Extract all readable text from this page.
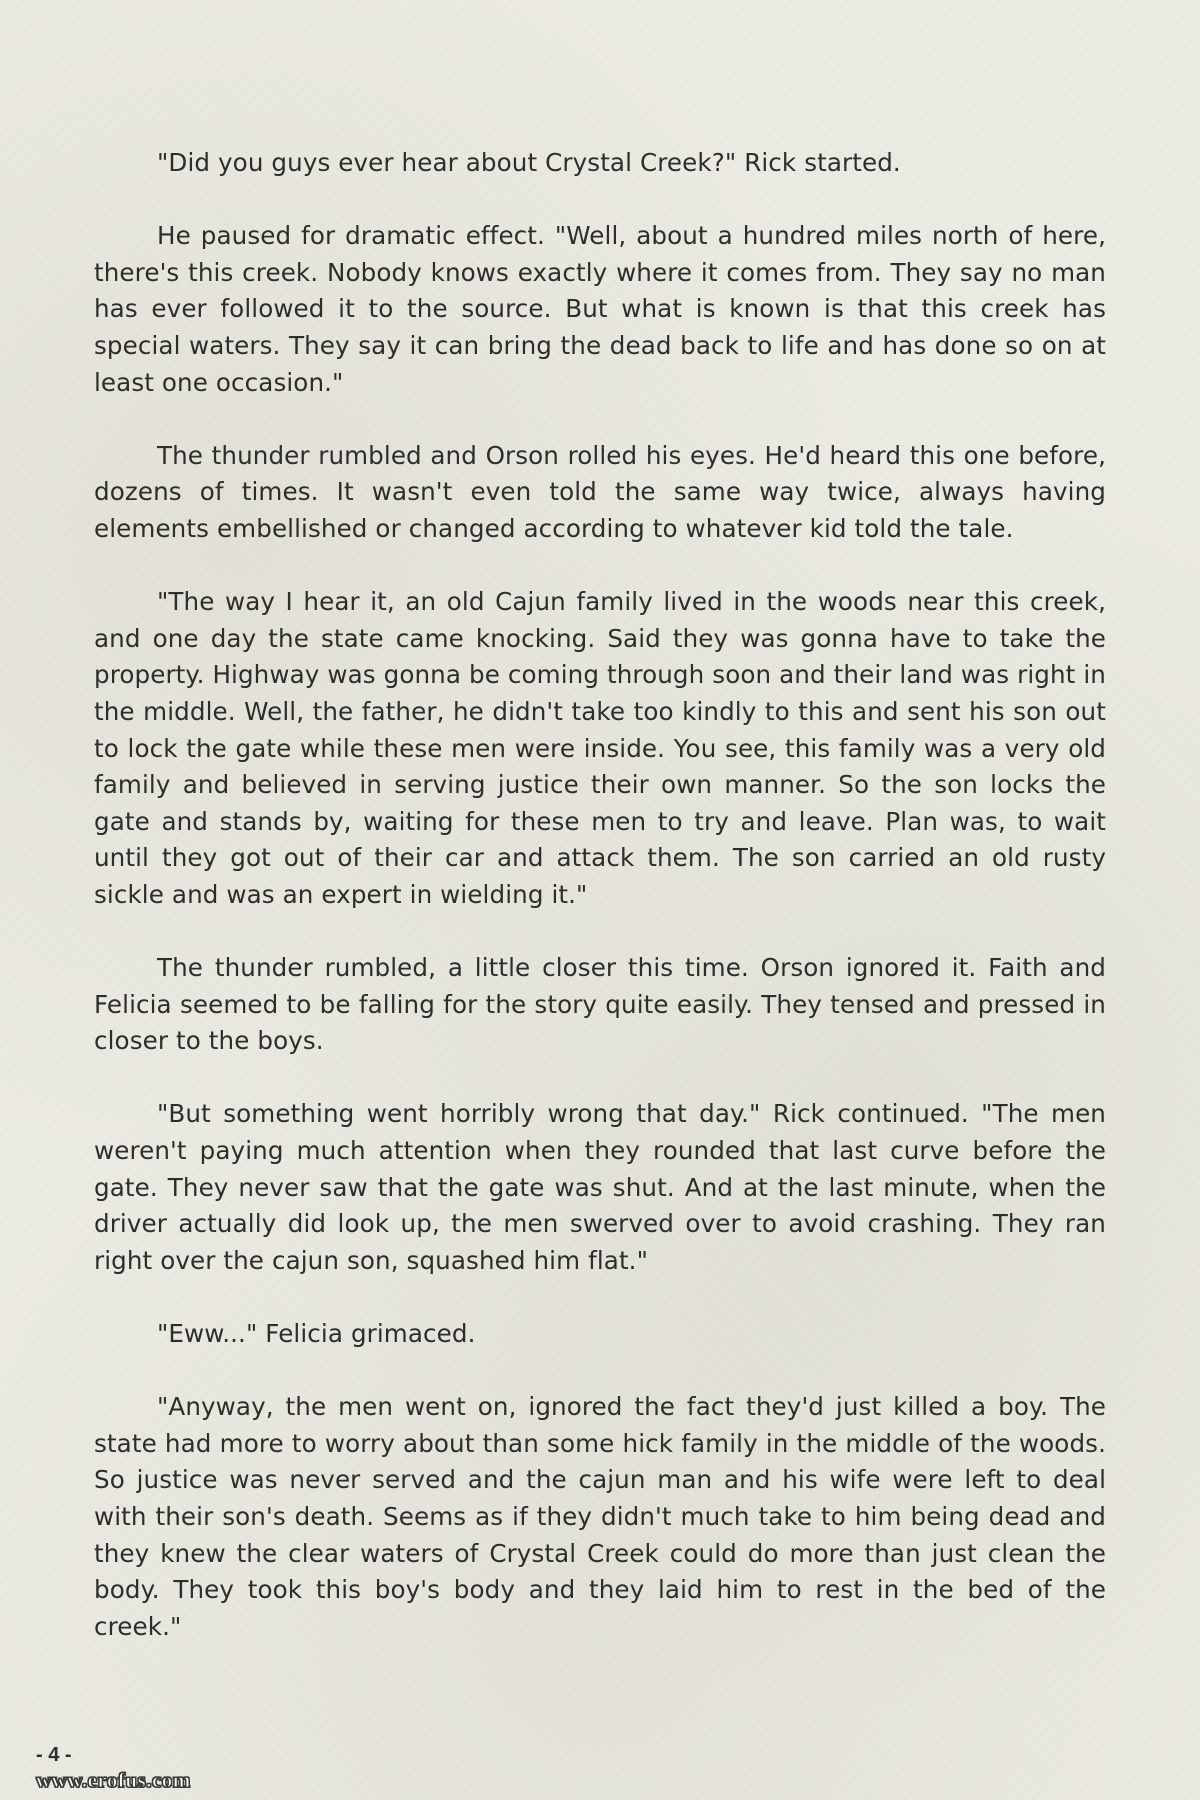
"Did you guys ever hear about Crystal Creek?" Rick started.

He paused for dramatic effect. "Well, about a hundred miles north of here, there's this creek. Nobody knows exactly where it comes from. They say no man has ever followed it to the source. But what is known is that this creek has special waters. They say it can bring the dead back to life and has done so on at least one occasion."

The thunder rumbled and Orson rolled his eyes. He'd heard this one before, dozens of times. It wasn't even told the same way twice, always having elements embellished or changed according to whatever kid told the tale.

"The way I hear it, an old Cajun family lived in the woods near this creek, and one day the state came knocking. Said they was gonna have to take the property. Highway was gonna be coming through soon and their land was right in the middle. Well, the father, he didn't take too kindly to this and sent his son out to lock the gate while these men were inside. You see, this family was a very old family and believed in serving justice their own manner. So the son locks the gate and stands by, waiting for these men to try and leave. Plan was, to wait until they got out of their car and attack them. The son carried an old rusty sickle and was an expert in wielding it."

The thunder rumbled, a little closer this time. Orson ignored it. Faith and Felicia seemed to be falling for the story quite easily. They tensed and pressed in closer to the boys.

"But something went horribly wrong that day." Rick continued. "The men weren't paying much attention when they rounded that last curve before the gate. They never saw that the gate was shut. And at the last minute, when the driver actually did look up, the men swerved over to avoid crashing. They ran right over the cajun son, squashed him flat."

"Eww..." Felicia grimaced.

"Anyway, the men went on, ignored the fact they'd just killed a boy. The state had more to worry about than some hick family in the middle of the woods. So justice was never served and the cajun man and his wife were left to deal with their son's death. Seems as if they didn't much take to him being dead and they knew the clear waters of Crystal Creek could do more than just clean the body. They took this boy's body and they laid him to rest in the bed of the creek."

- 4 -
www.erofus.com
